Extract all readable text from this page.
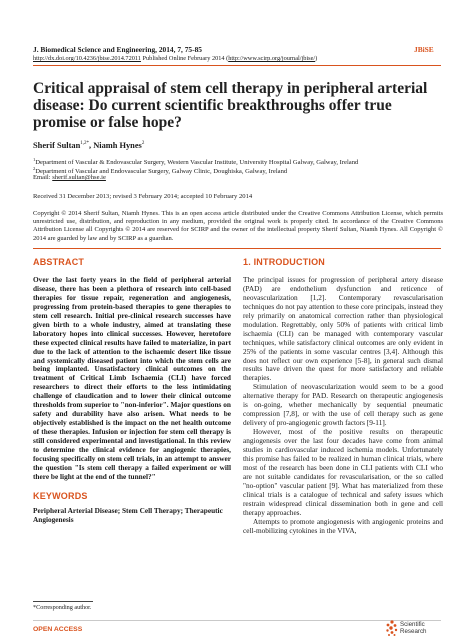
J. Biomedical Science and Engineering, 2014, 7, 75-85	JBiSE
http://dx.doi.org/10.4236/jbise.2014.72011 Published Online February 2014 (http://www.scirp.org/journal/jbise/)
Critical appraisal of stem cell therapy in peripheral arterial disease: Do current scientific breakthroughs offer true promise or false hope?
Sherif Sultan$^{1,2*}$, Niamh Hynes$^2$
$^1$Department of Vascular & Endovascular Surgery, Western Vascular Institute, University Hospital Galway, Galway, Ireland
$^2$Department of Vascular and Endovascular Surgery, Galway Clinic, Doughiska, Galway, Ireland
Email: sherif.sultan@hse.ie
Received 31 December 2013; revised 3 February 2014; accepted 10 February 2014
Copyright © 2014 Sherif Sultan, Niamh Hynes. This is an open access article distributed under the Creative Commons Attribution License, which permits unrestricted use, distribution, and reproduction in any medium, provided the original work is properly cited. In accordance of the Creative Commons Attribution License all Copyrights © 2014 are reserved for SCIRP and the owner of the intellectual property Sherif Sultan, Niamh Hynes. All Copyright © 2014 are guarded by law and by SCIRP as a guardian.
ABSTRACT
Over the last forty years in the field of peripheral arterial disease, there has been a plethora of research into cell-based therapies for tissue repair, regeneration and angiogenesis, progressing from protein-based therapies to gene therapies to stem cell research. Initial pre-clinical research successes have given birth to a whole industry, aimed at translating these laboratory hopes into clinical successes. However, heretofore these expected clinical results have failed to materialize, in part due to the lack of attention to the ischaemic desert like tissue and systemically diseased patient into which the stem cells are being implanted. Unsatisfactory clinical outcomes on the treatment of Critical Limb Ischaemia (CLI) have forced researchers to direct their efforts to the less intimidating challenge of claudication and to lower their clinical outcome thresholds from superior to "non-inferior". Major questions on safety and durability have also arisen. What needs to be objectively established is the impact on the net health outcome of these therapies. Infusion or injection for stem cell therapy is still considered experimental and investigational. In this review to determine the clinical evidence for angiogenic therapies, focusing specifically on stem cell trials, in an attempt to answer the question "Is stem cell therapy a failed experiment or will there be light at the end of the tunnel?"
KEYWORDS
Peripheral Arterial Disease; Stem Cell Therapy; Therapeutic Angiogenesis
1. INTRODUCTION

The principal issues for progression of peripheral artery disease (PAD) are endothelium dysfunction and reticence of neovascularization [1,2]. Contemporary revascularisation techniques do not pay attention to these core principals, instead they rely primarily on anatomical correction rather than physiological modulation. Regrettably, only 50% of patients with critical limb ischaemia (CLI) can be managed with contemporary vascular techniques, while satisfactory clinical outcomes are only evident in 25% of the patients in some vascular centres [3,4]. Although this does not reflect our own experience [5-8], in general such dismal results have driven the quest for more satisfactory and reliable therapies.

Stimulation of neovascularization would seem to be a good alternative therapy for PAD. Research on therapeutic angiogenesis is on-going, whether mechanically by sequential pneumatic compression [7,8], or with the use of cell therapy such as gene delivery of pro-angiogenic growth factors [9-11].

However, most of the positive results on therapeutic angiogenesis over the last four decades have come from animal studies in cardiovascular induced ischemia models. Unfortunately this promise has failed to be realized in human clinical trials, where most of the research has been done in CLI patients with CLI who are not suitable candidates for revascularisation, or the so called "no-option" vascular patient [9]. What has materialized from these clinical trials is a catalogue of technical and safety issues which restrain widespread clinical dissemination both in gene and cell therapy approaches.

Attempts to promote angiogenesis with angiogenic proteins and cell-mobilizing cytokines in the VIVA,

*Corresponding author.
OPEN ACCESS
Scientific
Research
